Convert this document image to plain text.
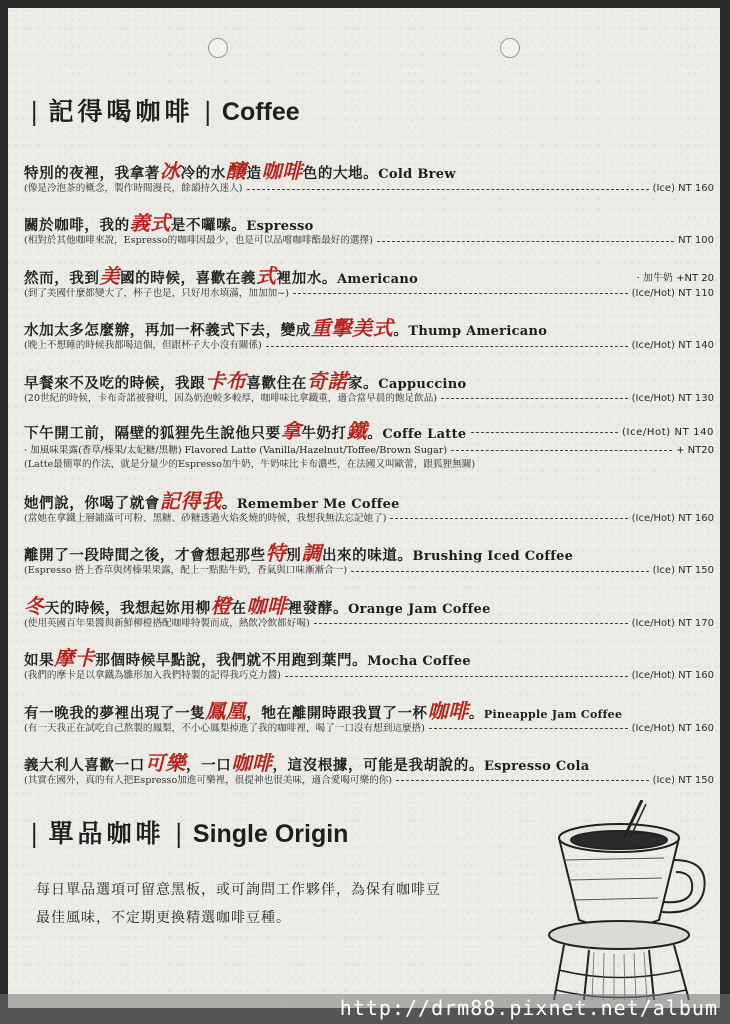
| 記得喝咖啡 | Coffee
特別的夜裡，我拿著冰冷的水釀造咖啡色的大地。Cold Brew
(像是冷泡茶的概念，製作時間漫長，餘韻持久迷人)	(Ice) NT 160
關於咖啡，我的義式是不囉嗦。Espresso
(相對於其他咖啡來說，Espresso的咖啡因最少，也是可以品嚐咖啡酯最好的選擇)	NT 100
然而，我到美國的時候，喜歡在義式裡加水。Americano	· 加牛奶 +NT 20
(到了美國什麼都變大了，杯子也是，只好用水填滿，加加加~)	(Ice/Hot) NT 110
水加太多怎麼辦，再加一杯義式下去，變成重擊美式。Thump Americano
(晚上不想睡的時候我都喝這個，但跟杯子大小沒有關係)	(Ice/Hot) NT 140
早餐來不及吃的時候，我跟卡布喜歡住在奇諾家。Cappuccino
(20世紀的時候，卡布奇諾被發明，因為奶泡較多較厚，咖啡味比拿鐵重，適合當早晨的飽足飲品)	(Ice/Hot) NT 130
下午開工前，隔壁的狐狸先生說他只要拿牛奶打鐵。Coffe Latte	(Ice/Hot) NT 140
· 加風味果露(香草/榛果/太妃糖/黑糖) Flavored Latte (Vanilla/Hazelnut/Toffee/Brown Sugar)	+ NT20
(Latte最簡單的作法，就是分量少的Espresso加牛奶，牛奶味比卡布濃些，在法國又叫歐蕾，跟狐狸無關)
她們說，你喝了就會記得我。Remember Me Coffee
(當她在拿鐵上層鋪滿可可粉、黑糖、砂糖透過火焰炙燒的時候，我想我無法忘記她了)	(Ice/Hot) NT 160
離開了一段時間之後，才會想起那些特別調出來的味道。Brushing Iced Coffee
(Espresso 搭上香草與烤榛果果露，配上一點點牛奶，香氣與口味漸漸合一)	(Ice) NT 150
冬天的時候，我想起妳用柳橙在咖啡裡發酵。Orange Jam Coffee
(使用英國百年果醬與新鮮柳橙搭配咖啡特製而成，熱飲冷飲都好喝)	(Ice/Hot) NT 170
如果摩卡那個時候早點說，我們就不用跑到葉門。Mocha Coffee
(我們的摩卡是以拿鐵為雛形加入我們特製的記得我巧克力醬)	(Ice/Hot) NT 160
有一晚我的夢裡出現了一隻鳳凰，牠在離開時跟我買了一杯咖啡。Pineapple Jam Coffee
(有一天我正在試吃自己熬製的鳳梨，不小心鳳梨掉進了我的咖啡裡，喝了一口沒有想到這麼搭)	(Ice/Hot) NT 160
義大利人喜歡一口可樂，一口咖啡，這沒根據，可能是我胡說的。Espresso Cola
(其實在國外，真的有人把Espresso加進可樂裡，很提神也很美味，適合愛喝可樂的你)	(Ice) NT 150
| 單品咖啡 | Single Origin
每日單品選項可留意黑板，或可詢問工作夥伴，為保有咖啡豆
最佳風味，不定期更換精選咖啡豆種。
http://drm88.pixnet.net/album
